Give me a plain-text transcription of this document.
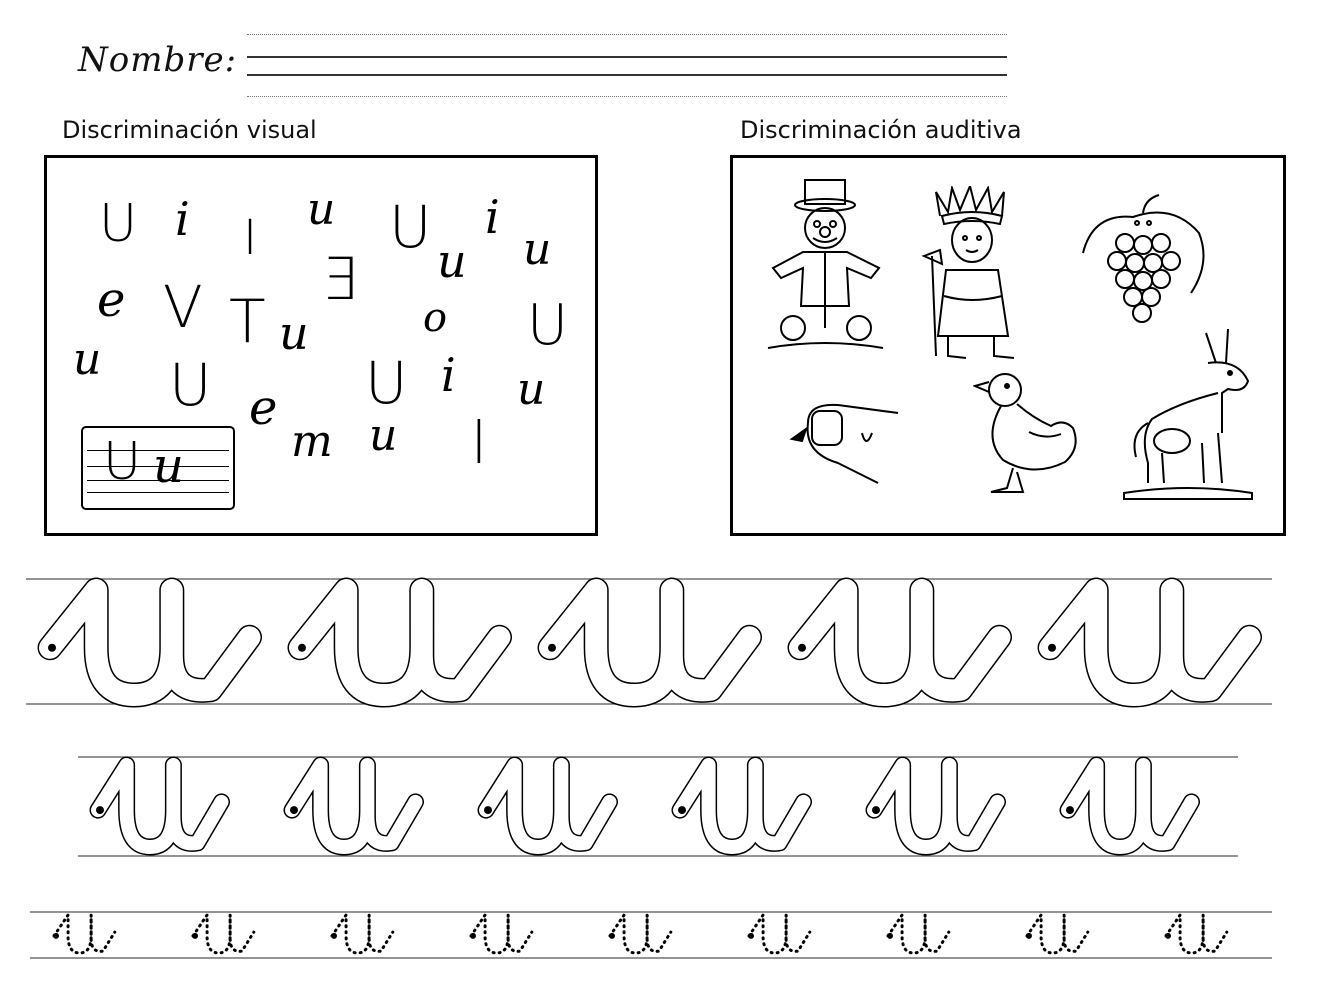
Nombre:
Discriminación visual	Discriminación auditiva
U i I
u U i
u u
e V E
T u	o U
u U	U i u
e
m u l
U u
